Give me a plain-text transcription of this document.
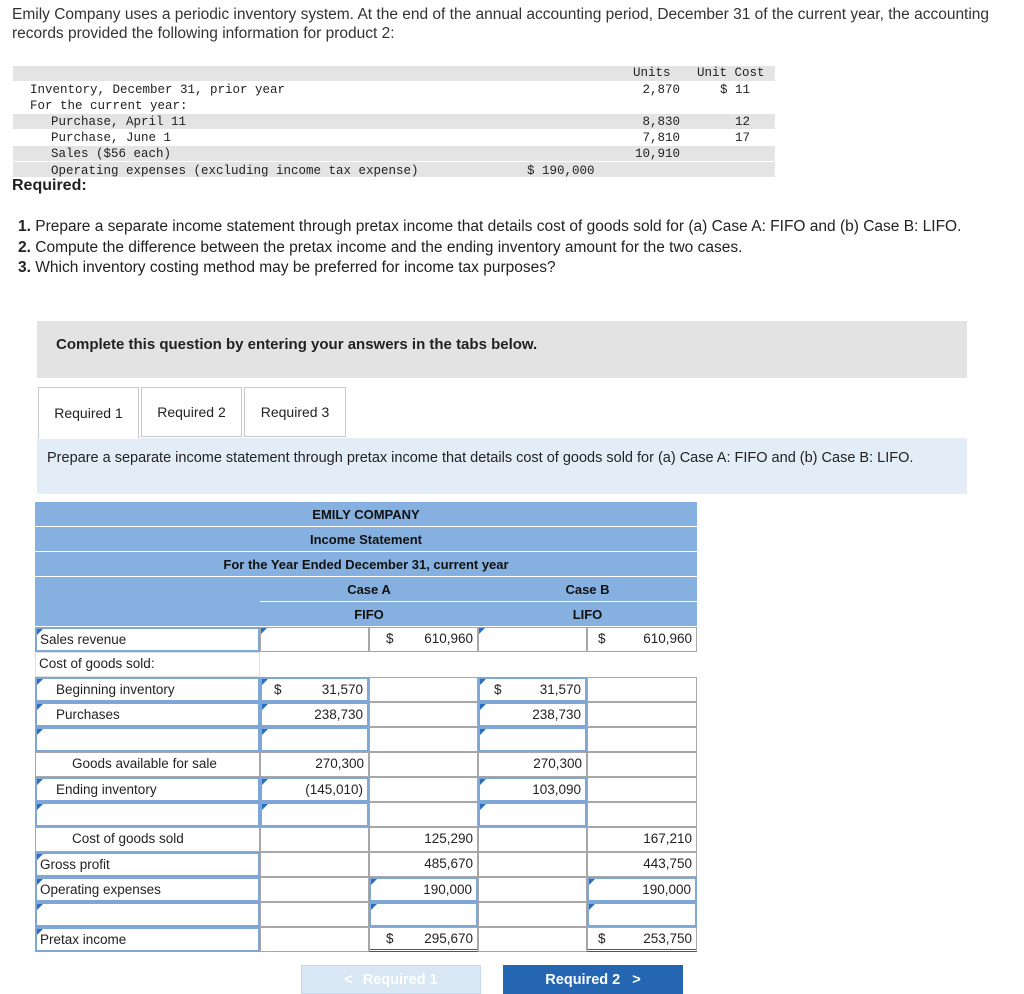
Emily Company uses a periodic inventory system. At the end of the annual accounting period, December 31 of the current year, the accounting records provided the following information for product 2:
Units Unit Cost
Inventory, December 31, prior year	2,870	$ 11
For the current year:
Purchase, April 11	8,830	12
Purchase, June 1	7,810	17
Sales ($56 each)	10,910
Operating expenses (excluding income tax expense)	$ 190,000
Required:
1. Prepare a separate income statement through pretax income that details cost of goods sold for (a) Case A: FIFO and (b) Case B: LIFO.
2. Compute the difference between the pretax income and the ending inventory amount for the two cases.
3. Which inventory costing method may be preferred for income tax purposes?
Complete this question by entering your answers in the tabs below.
Required 1	Required 2	Required 3
Prepare a separate income statement through pretax income that details cost of goods sold for (a) Case A: FIFO and (b) Case B: LIFO.
EMILY COMPANY
Income Statement
For the Year Ended December 31, current year
Case A
FIFO
Case B
LIFO
Sales revenue	$ 610,960	$	610,960
Cost of goods sold:
Beginning inventory	$	31,570	$	31,570
Purchases	238,730	238,730
Goods available for sale	270,300	270,300
Ending inventory	(145,010)	103,090
Cost of goods sold	125,290	167,210
Gross profit	485,670	443,750
Operating expenses	190,000	190,000
Pretax income	$ 295,670	$	253,750
< Required 1	Required 2 >
